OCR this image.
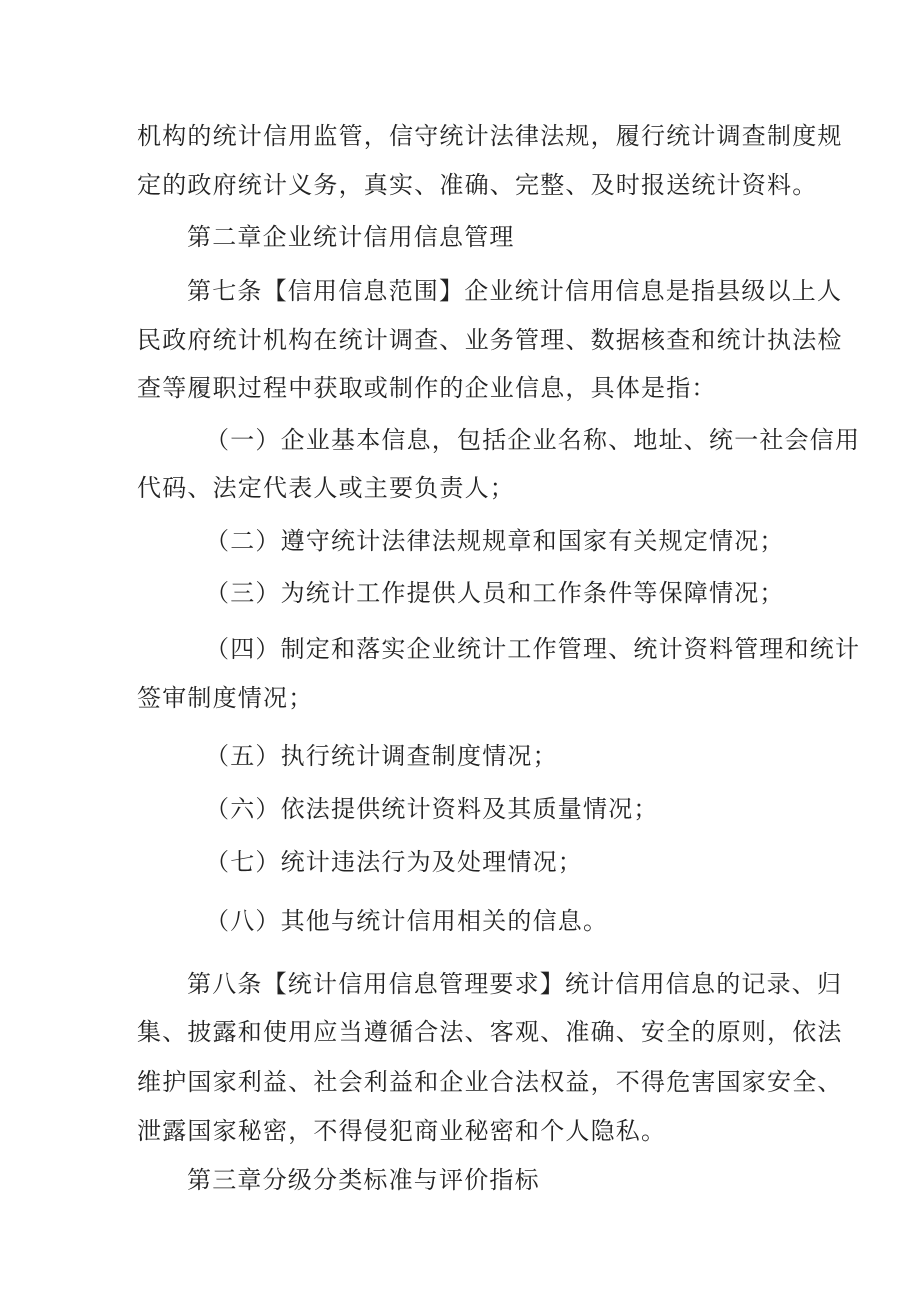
机构的统计信用监管，信守统计法律法规，履行统计调查制度规
定的政府统计义务，真实、准确、完整、及时报送统计资料。
第二章企业统计信用信息管理
第七条【信用信息范围】企业统计信用信息是指县级以上人
民政府统计机构在统计调查、业务管理、数据核查和统计执法检
查等履职过程中获取或制作的企业信息，具体是指：
（一）企业基本信息，包括企业名称、地址、统一社会信用
代码、法定代表人或主要负责人；
（二）遵守统计法律法规规章和国家有关规定情况；
（三）为统计工作提供人员和工作条件等保障情况；
（四）制定和落实企业统计工作管理、统计资料管理和统计
签审制度情况；
（五）执行统计调查制度情况；
（六）依法提供统计资料及其质量情况；
（七）统计违法行为及处理情况；
（八）其他与统计信用相关的信息。
第八条【统计信用信息管理要求】统计信用信息的记录、归
集、披露和使用应当遵循合法、客观、准确、安全的原则，依法
维护国家利益、社会利益和企业合法权益，不得危害国家安全、
泄露国家秘密，不得侵犯商业秘密和个人隐私。
第三章分级分类标准与评价指标
